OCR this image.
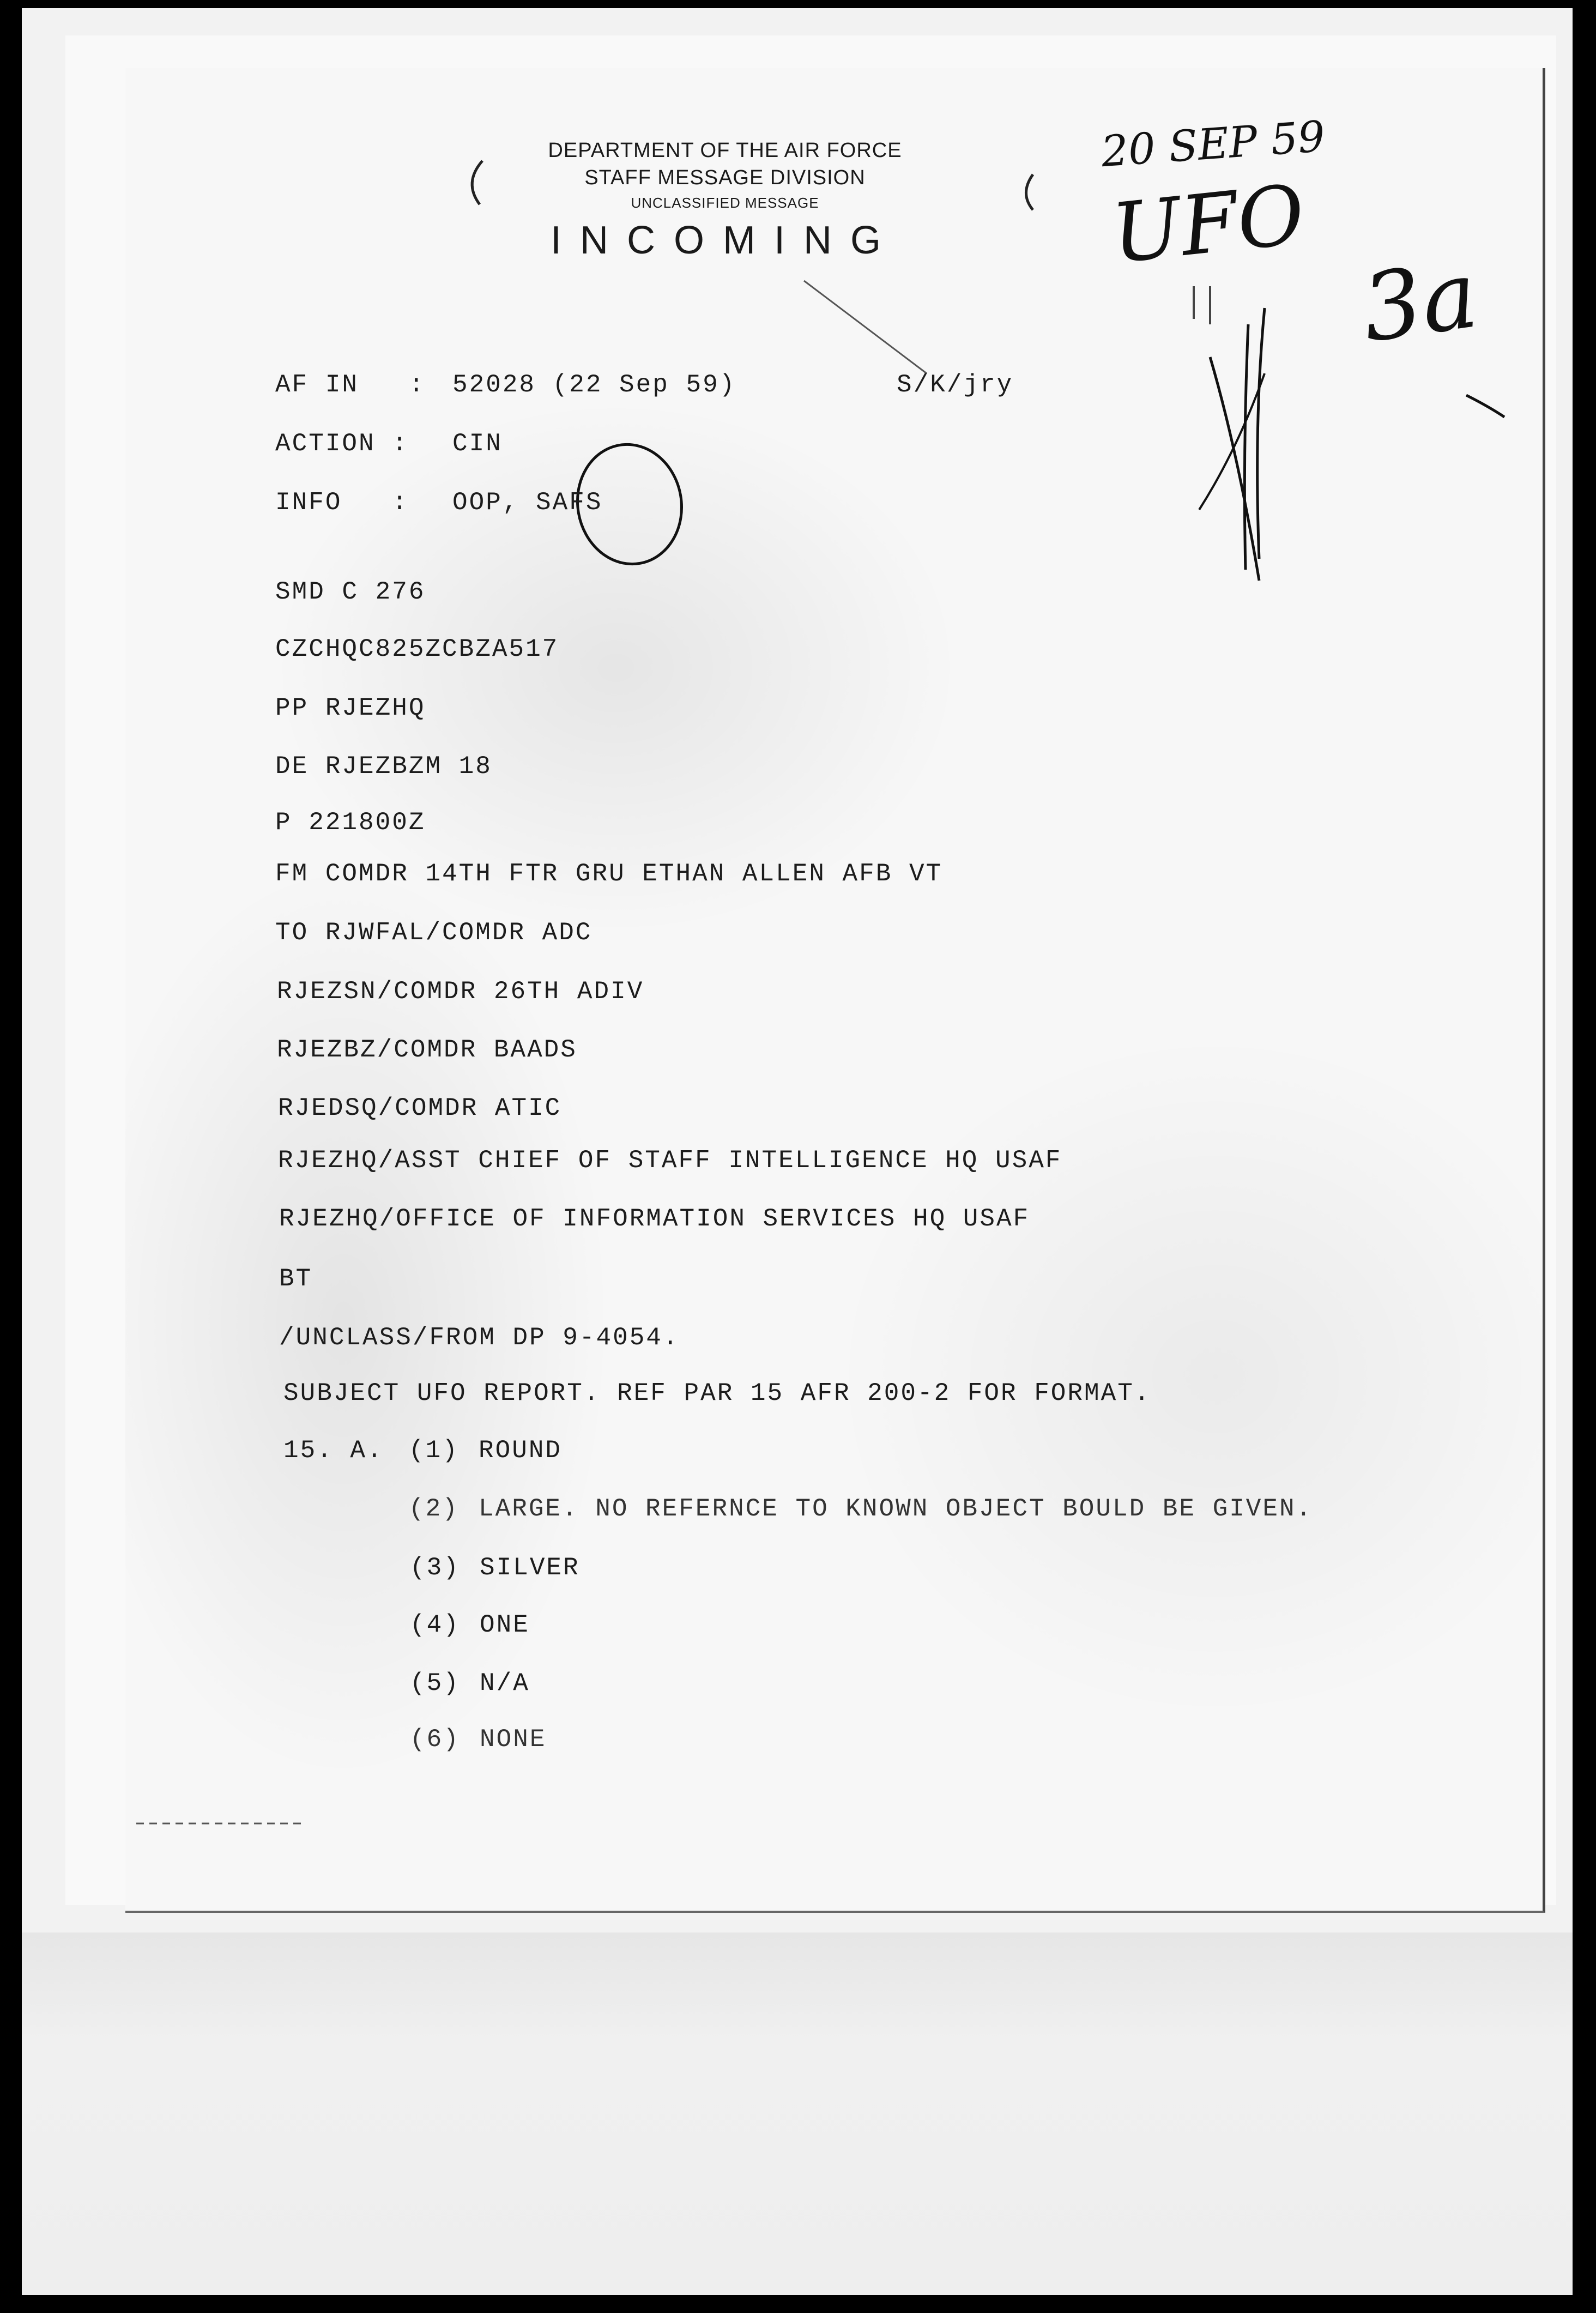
DEPARTMENT OF THE AIR FORCE
STAFF MESSAGE DIVISION
UNCLASSIFIED MESSAGE
INCOMING
20 SEP 59
UFO
3a
AF IN   : 52028 (22 Sep 59)	S/K/jry
ACTION : CIN
INFO   : OOP, SAFS
SMD C 276
CZCHQC825ZCBZA517
PP RJEZHQ
DE RJEZBZM 18
P 221800Z
FM COMDR 14TH FTR GRU ETHAN ALLEN AFB VT
TO RJWFAL/COMDR ADC
RJEZSN/COMDR 26TH ADIV
RJEZBZ/COMDR BAADS
RJEDSQ/COMDR ATIC
RJEZHQ/ASST CHIEF OF STAFF INTELLIGENCE HQ USAF
RJEZHQ/OFFICE OF INFORMATION SERVICES HQ USAF
BT
/UNCLASS/FROM DP 9-4054.
SUBJECT UFO REPORT. REF PAR 15 AFR 200-2 FOR FORMAT.
15. A. (1) ROUND
(2) LARGE. NO REFERNCE TO KNOWN OBJECT BOULD BE GIVEN.
(3) SILVER
(4) ONE
(5) N/A
(6) NONE
